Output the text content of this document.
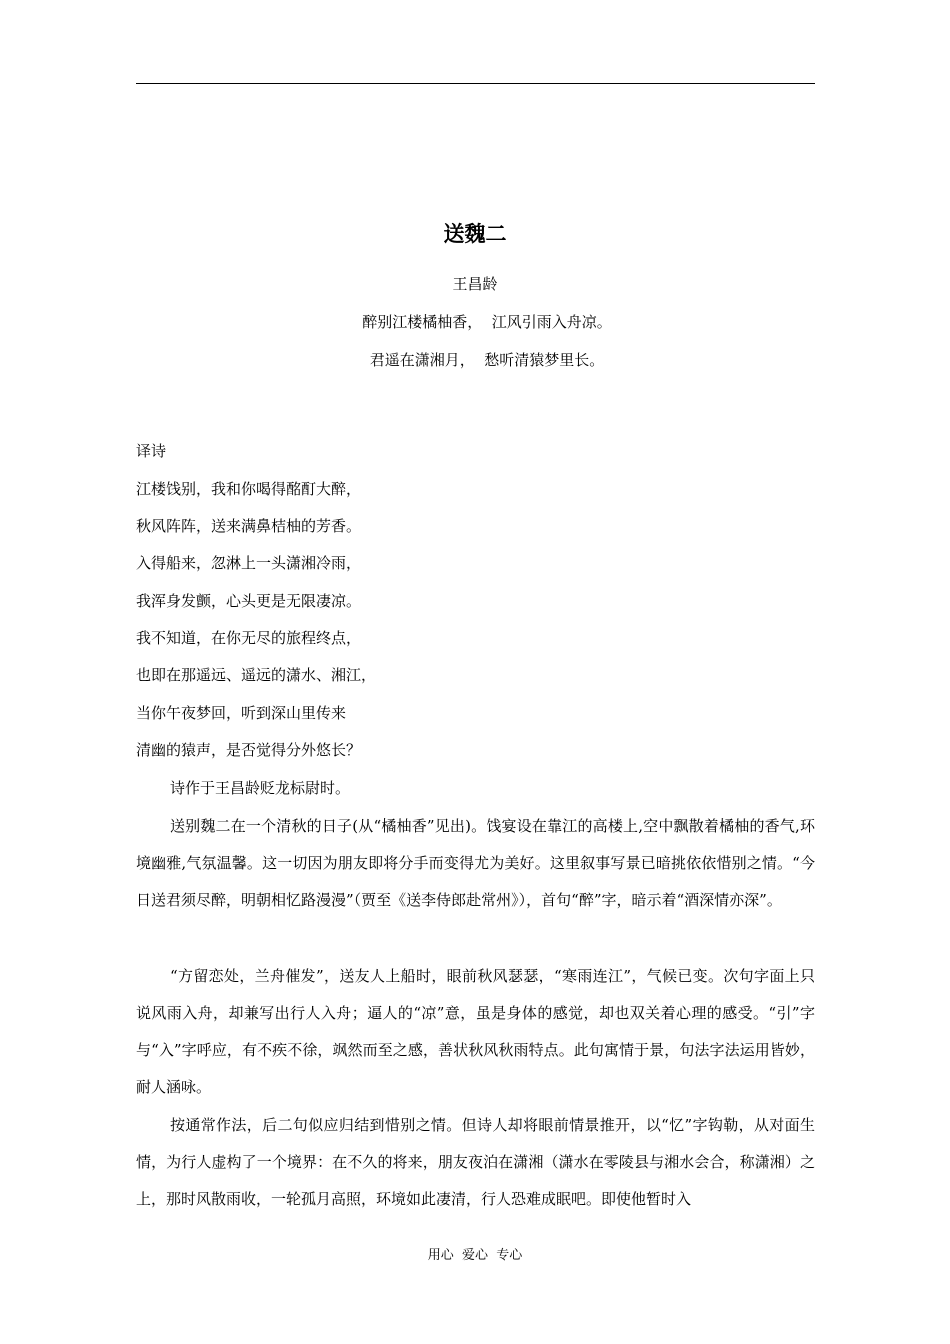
送魏二
王昌龄
醉别江楼橘柚香，  江风引雨入舟凉。
君遥在潇湘月，  愁听清猿梦里长。
译诗
江楼饯别，我和你喝得酩酊大醉，
秋风阵阵，送来满鼻桔柚的芳香。
入得船来，忽淋上一头潇湘冷雨，
我浑身发颤，心头更是无限凄凉。
我不知道，在你无尽的旅程终点，
也即在那遥远、遥远的潇水、湘江，
当你午夜梦回，听到深山里传来
清幽的猿声，是否觉得分外悠长？
诗作于王昌龄贬龙标尉时。
送别魏二在一个清秋的日子(从“橘柚香”见出)。饯宴设在靠江的高楼上,空中飘散着橘柚的香气,环境幽雅,气氛温馨。这一切因为朋友即将分手而变得尤为美好。这里叙事写景已暗挑依依惜别之情。“今日送君须尽醉，明朝相忆路漫漫”（贾至《送李侍郎赴常州》），首句“醉”字，暗示着“酒深情亦深”。
“方留恋处，兰舟催发”，送友人上船时，眼前秋风瑟瑟，“寒雨连江”，气候已变。次句字面上只说风雨入舟，却兼写出行人入舟；逼人的“凉”意，虽是身体的感觉，却也双关着心理的感受。“引”字与“入”字呼应，有不疾不徐，飒然而至之感，善状秋风秋雨特点。此句寓情于景，句法字法运用皆妙，耐人涵咏。
按通常作法，后二句似应归结到惜别之情。但诗人却将眼前情景推开，以“忆”字钩勒，从对面生情，为行人虚构了一个境界：在不久的将来，朋友夜泊在潇湘（潇水在零陵县与湘水会合，称潇湘）之上，那时风散雨收，一轮孤月高照，环境如此凄清，行人恐难成眠吧。即使他暂时入
用心  爱心  专心
